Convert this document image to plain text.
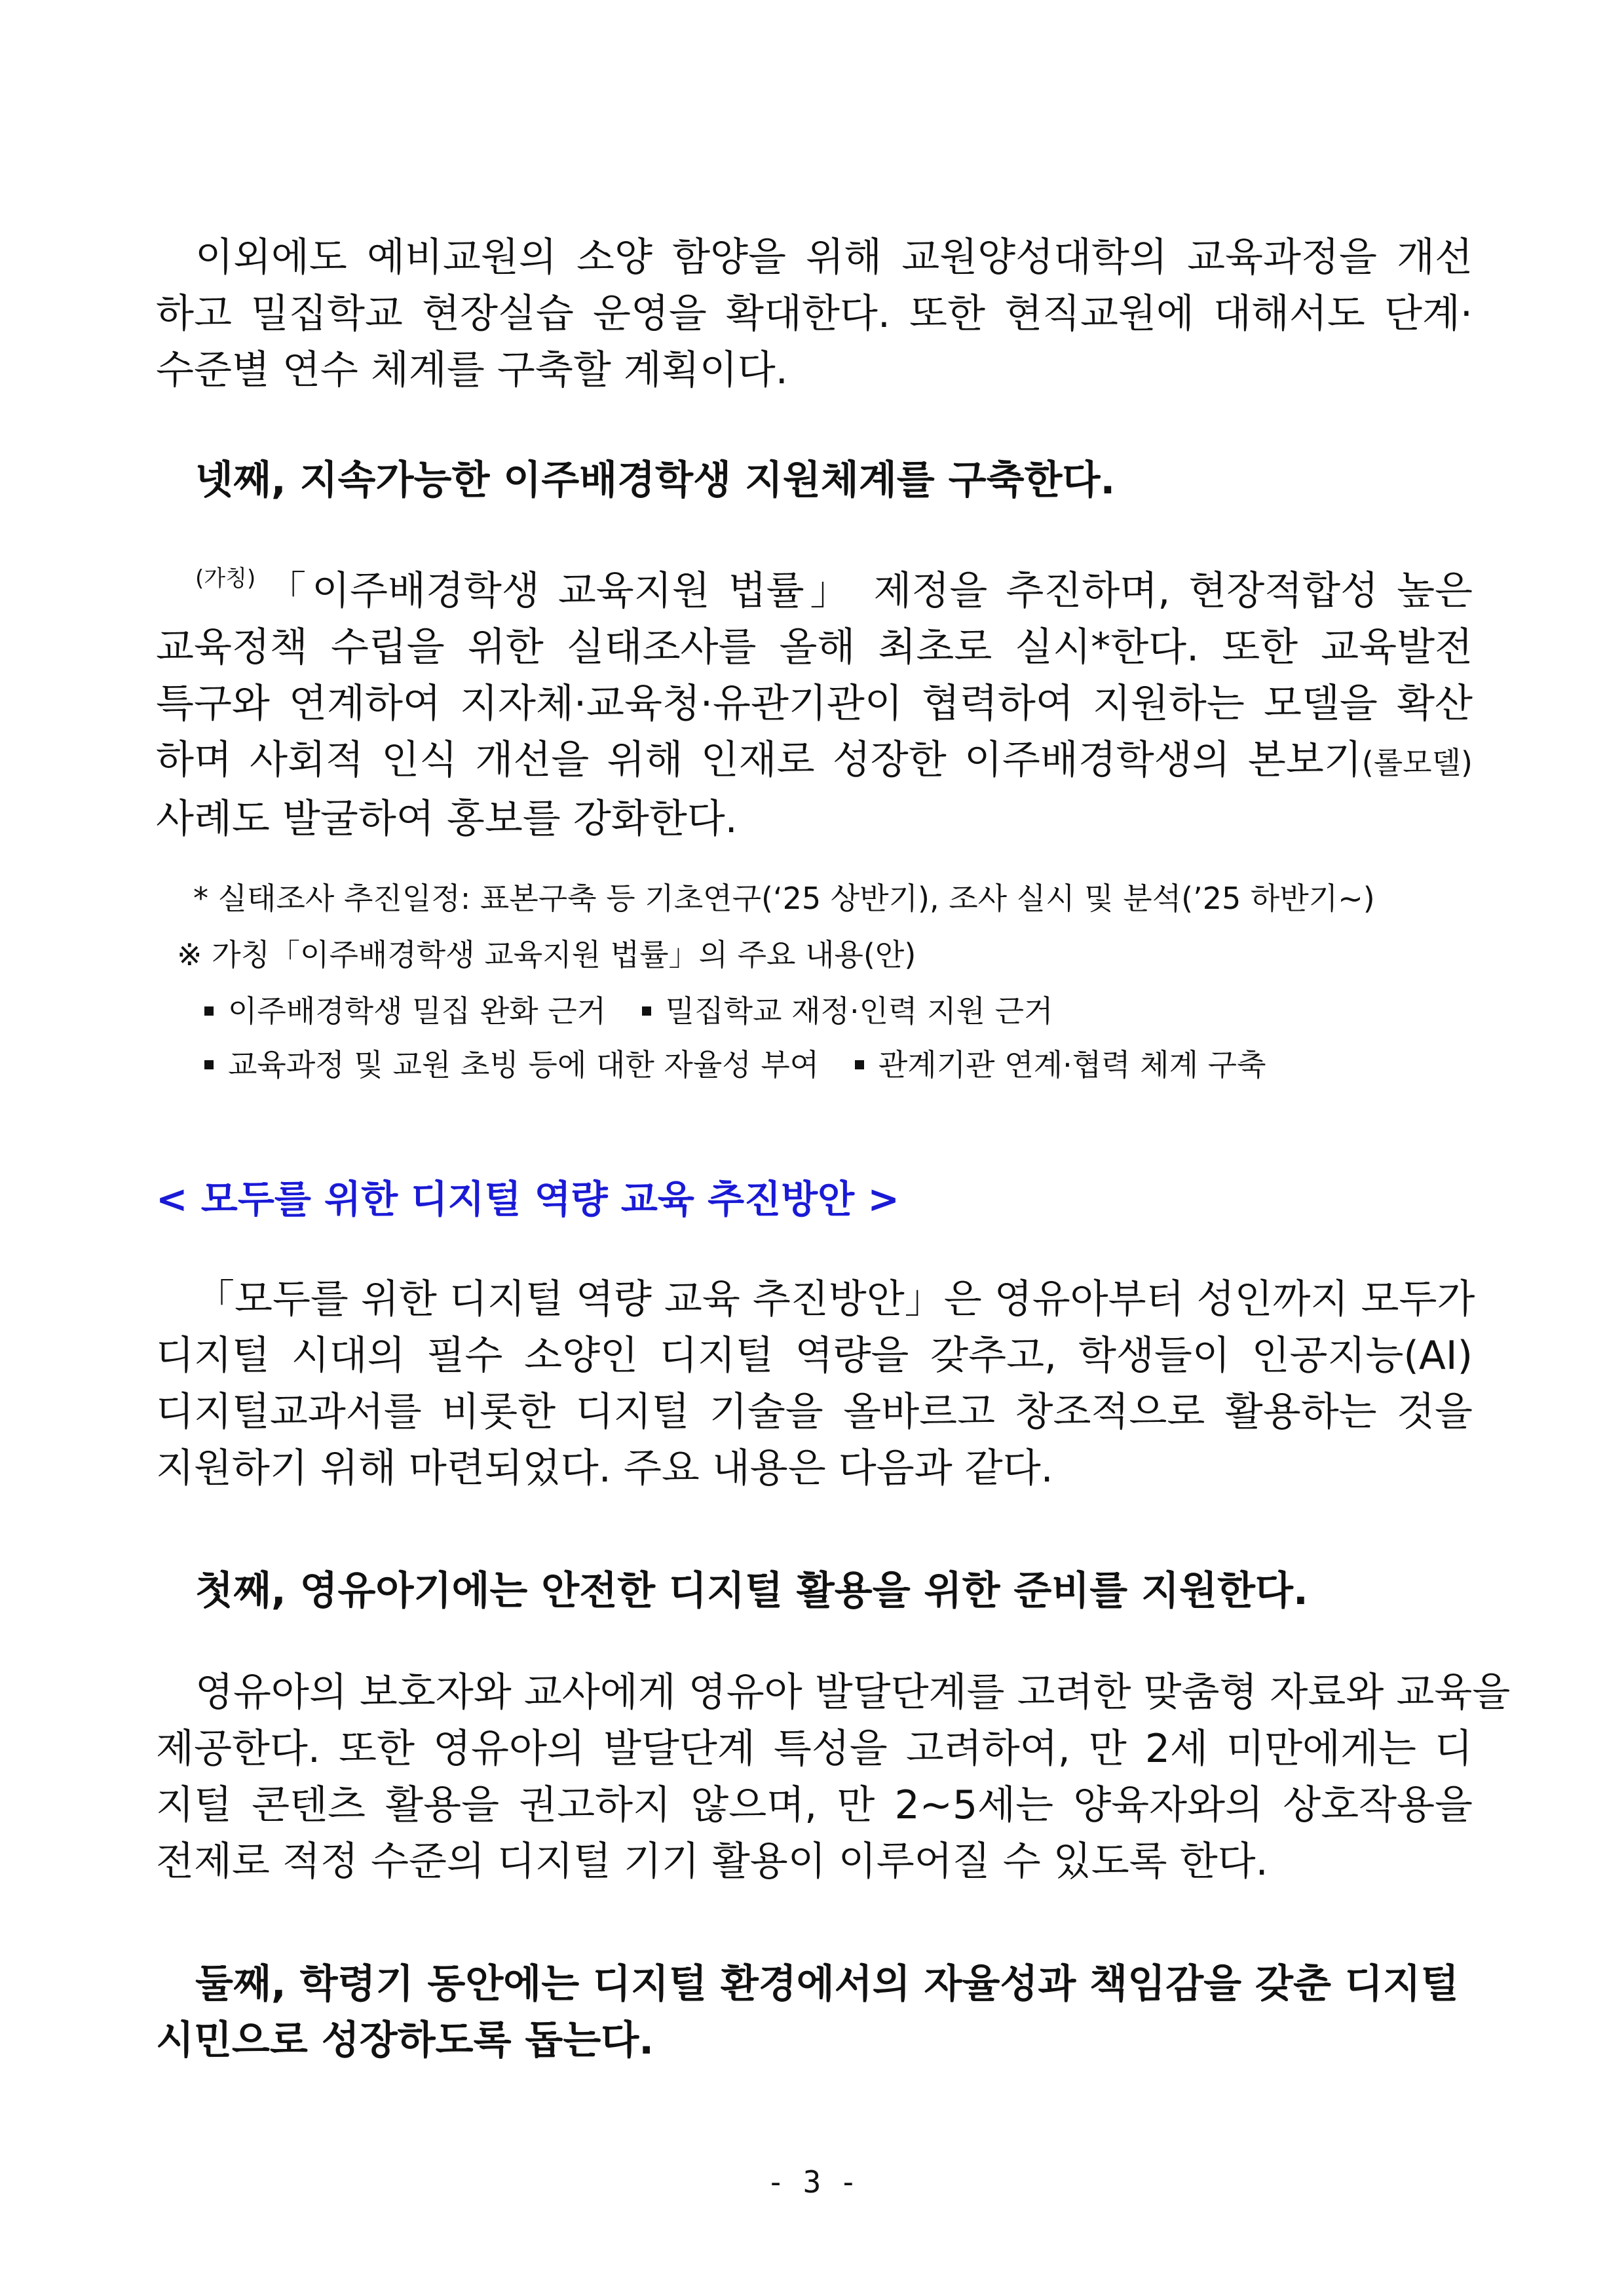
이외에도 예비교원의 소양 함양을 위해 교원양성대학의 교육과정을 개선
하고 밀집학교 현장실습 운영을 확대한다. 또한 현직교원에 대해서도 단계·
수준별 연수 체계를 구축할 계획이다.
넷째, 지속가능한 이주배경학생 지원체계를 구축한다.
$^{(가칭)}$ 「이주배경학생 교육지원 법률」 제정을 추진하며, 현장적합성 높은
교육정책 수립을 위한 실태조사를 올해 최초로 실시*한다. 또한 교육발전
특구와 연계하여 지자체·교육청·유관기관이 협력하여 지원하는 모델을 확산
하며 사회적 인식 개선을 위해 인재로 성장한 이주배경학생의 본보기(롤모델)
사례도 발굴하여 홍보를 강화한다.
* 실태조사 추진일정: 표본구축 등 기초연구(‘25 상반기), 조사 실시 및 분석(’25 하반기~)
※ 가칭「이주배경학생 교육지원 법률」의 주요 내용(안)
이주배경학생 밀집 완화 근거 밀집학교 재정·인력 지원 근거
교육과정 및 교원 초빙 등에 대한 자율성 부여 관계기관 연계·협력 체계 구축
< 모두를 위한 디지털 역량 교육 추진방안 >
「모두를 위한 디지털 역량 교육 추진방안」은 영유아부터 성인까지 모두가
디지털 시대의 필수 소양인 디지털 역량을 갖추고, 학생들이 인공지능(AI)
디지털교과서를 비롯한 디지털 기술을 올바르고 창조적으로 활용하는 것을
지원하기 위해 마련되었다. 주요 내용은 다음과 같다.
첫째, 영유아기에는 안전한 디지털 활용을 위한 준비를 지원한다.
영유아의 보호자와 교사에게 영유아 발달단계를 고려한 맞춤형 자료와 교육을
제공한다. 또한 영유아의 발달단계 특성을 고려하여, 만 2세 미만에게는 디
지털 콘텐츠 활용을 권고하지 않으며, 만 2~5세는 양육자와의 상호작용을
전제로 적정 수준의 디지털 기기 활용이 이루어질 수 있도록 한다.
둘째, 학령기 동안에는 디지털 환경에서의 자율성과 책임감을 갖춘 디지털
시민으로 성장하도록 돕는다.
- 3 -
